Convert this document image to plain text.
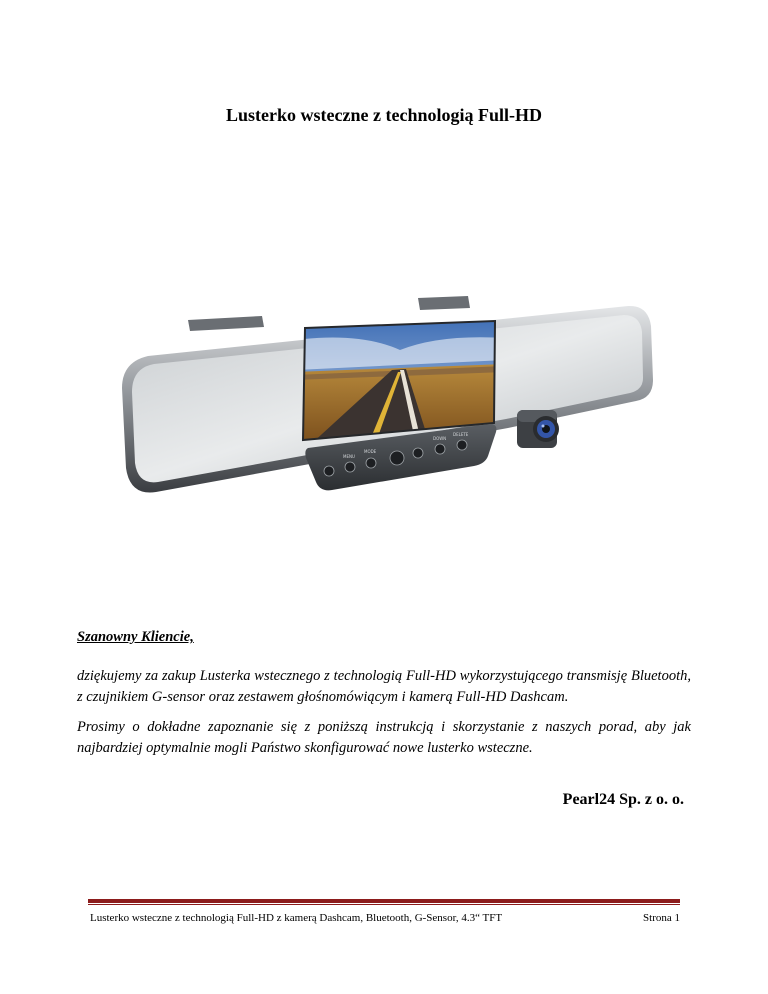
Lusterko wsteczne z technologią Full-HD
MENU
MODE
DOWN
DELETE
Szanowny Kliencie,
dziękujemy za zakup Lusterka wstecznego z technologią Full-HD wykorzystującego transmisję Bluetooth, z czujnikiem G-sensor oraz zestawem głośnomówiącym i kamerą Full-HD Dashcam.
Prosimy o dokładne zapoznanie się z poniższą instrukcją i skorzystanie z naszych porad, aby jak najbardziej optymalnie mogli Państwo skonfigurować nowe lusterko wsteczne.
Pearl24 Sp. z o. o.
Lusterko wsteczne z technologią Full-HD z kamerą Dashcam, Bluetooth, G-Sensor, 4.3“ TFT	Strona 1
